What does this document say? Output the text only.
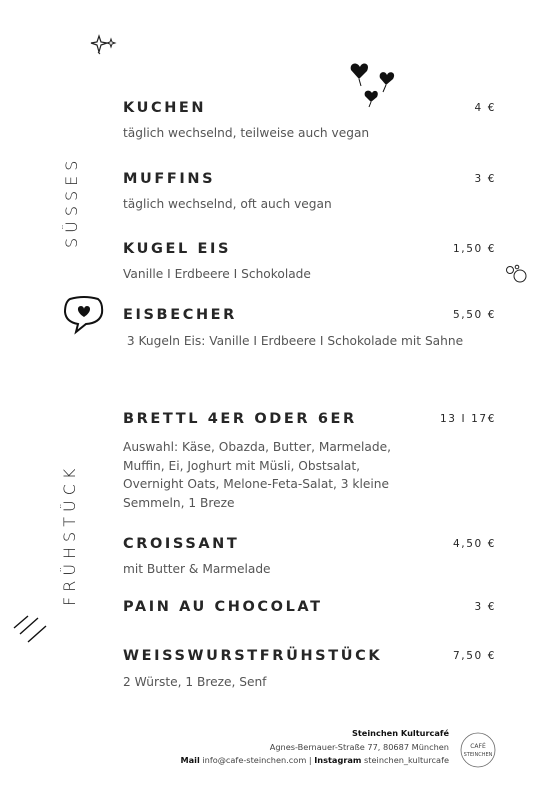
SÜSSES
FRÜHSTÜCK
KUCHEN	4 €
täglich wechselnd, teilweise auch vegan
MUFFINS	3 €
täglich wechselnd, oft auch vegan
KUGEL EIS	1,50 €
Vanille I Erdbeere I Schokolade
EISBECHER	5,50 €
3 Kugeln Eis: Vanille I Erdbeere I Schokolade mit Sahne
BRETTL 4ER ODER 6ER	13 I 17€
Auswahl: Käse, Obazda, Butter, Marmelade, Muffin, Ei, Joghurt mit Müsli, Obstsalat, Overnight Oats, Melone-Feta-Salat, 3 kleine Semmeln, 1 Breze
CROISSANT	4,50 €
mit Butter & Marmelade
PAIN AU CHOCOLAT	3 €
WEISSWURSTFRÜHSTÜCK	7,50 €
2 Würste, 1 Breze, Senf
Steinchen Kulturcafé
Agnes-Bernauer-Straße 77, 80687 München
Mail info@cafe-steinchen.com | Instagram steinchen_kulturcafe
CAFÉ
STEINCHEN
